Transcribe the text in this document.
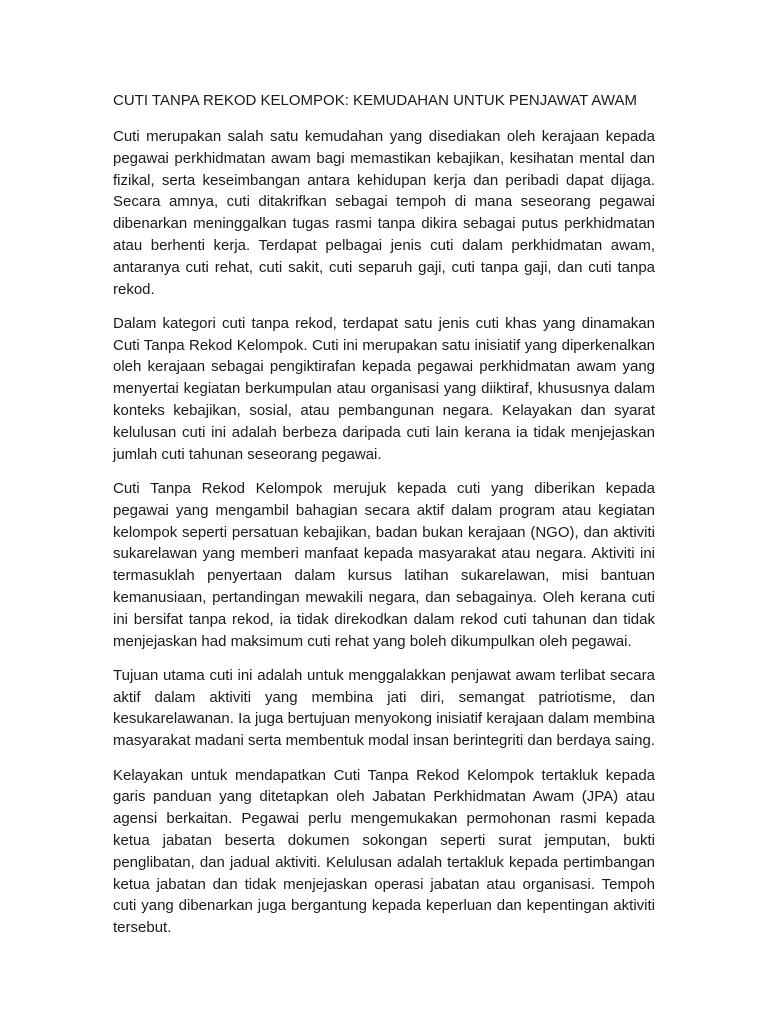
CUTI TANPA REKOD KELOMPOK: KEMUDAHAN UNTUK PENJAWAT AWAM

Cuti merupakan salah satu kemudahan yang disediakan oleh kerajaan kepada pegawai perkhidmatan awam bagi memastikan kebajikan, kesihatan mental dan fizikal, serta keseimbangan antara kehidupan kerja dan peribadi dapat dijaga. Secara amnya, cuti ditakrifkan sebagai tempoh di mana seseorang pegawai dibenarkan meninggalkan tugas rasmi tanpa dikira sebagai putus perkhidmatan atau berhenti kerja. Terdapat pelbagai jenis cuti dalam perkhidmatan awam, antaranya cuti rehat, cuti sakit, cuti separuh gaji, cuti tanpa gaji, dan cuti tanpa rekod.

Dalam kategori cuti tanpa rekod, terdapat satu jenis cuti khas yang dinamakan Cuti Tanpa Rekod Kelompok. Cuti ini merupakan satu inisiatif yang diperkenalkan oleh kerajaan sebagai pengiktirafan kepada pegawai perkhidmatan awam yang menyertai kegiatan berkumpulan atau organisasi yang diiktiraf, khususnya dalam konteks kebajikan, sosial, atau pembangunan negara. Kelayakan dan syarat kelulusan cuti ini adalah berbeza daripada cuti lain kerana ia tidak menjejaskan jumlah cuti tahunan seseorang pegawai.

Cuti Tanpa Rekod Kelompok merujuk kepada cuti yang diberikan kepada pegawai yang mengambil bahagian secara aktif dalam program atau kegiatan kelompok seperti persatuan kebajikan, badan bukan kerajaan (NGO), dan aktiviti sukarelawan yang memberi manfaat kepada masyarakat atau negara. Aktiviti ini termasuklah penyertaan dalam kursus latihan sukarelawan, misi bantuan kemanusiaan, pertandingan mewakili negara, dan sebagainya. Oleh kerana cuti ini bersifat tanpa rekod, ia tidak direkodkan dalam rekod cuti tahunan dan tidak menjejaskan had maksimum cuti rehat yang boleh dikumpulkan oleh pegawai.

Tujuan utama cuti ini adalah untuk menggalakkan penjawat awam terlibat secara aktif dalam aktiviti yang membina jati diri, semangat patriotisme, dan kesukarelawanan. Ia juga bertujuan menyokong inisiatif kerajaan dalam membina masyarakat madani serta membentuk modal insan berintegriti dan berdaya saing.

Kelayakan untuk mendapatkan Cuti Tanpa Rekod Kelompok tertakluk kepada garis panduan yang ditetapkan oleh Jabatan Perkhidmatan Awam (JPA) atau agensi berkaitan. Pegawai perlu mengemukakan permohonan rasmi kepada ketua jabatan beserta dokumen sokongan seperti surat jemputan, bukti penglibatan, dan jadual aktiviti. Kelulusan adalah tertakluk kepada pertimbangan ketua jabatan dan tidak menjejaskan operasi jabatan atau organisasi. Tempoh cuti yang dibenarkan juga bergantung kepada keperluan dan kepentingan aktiviti tersebut.
